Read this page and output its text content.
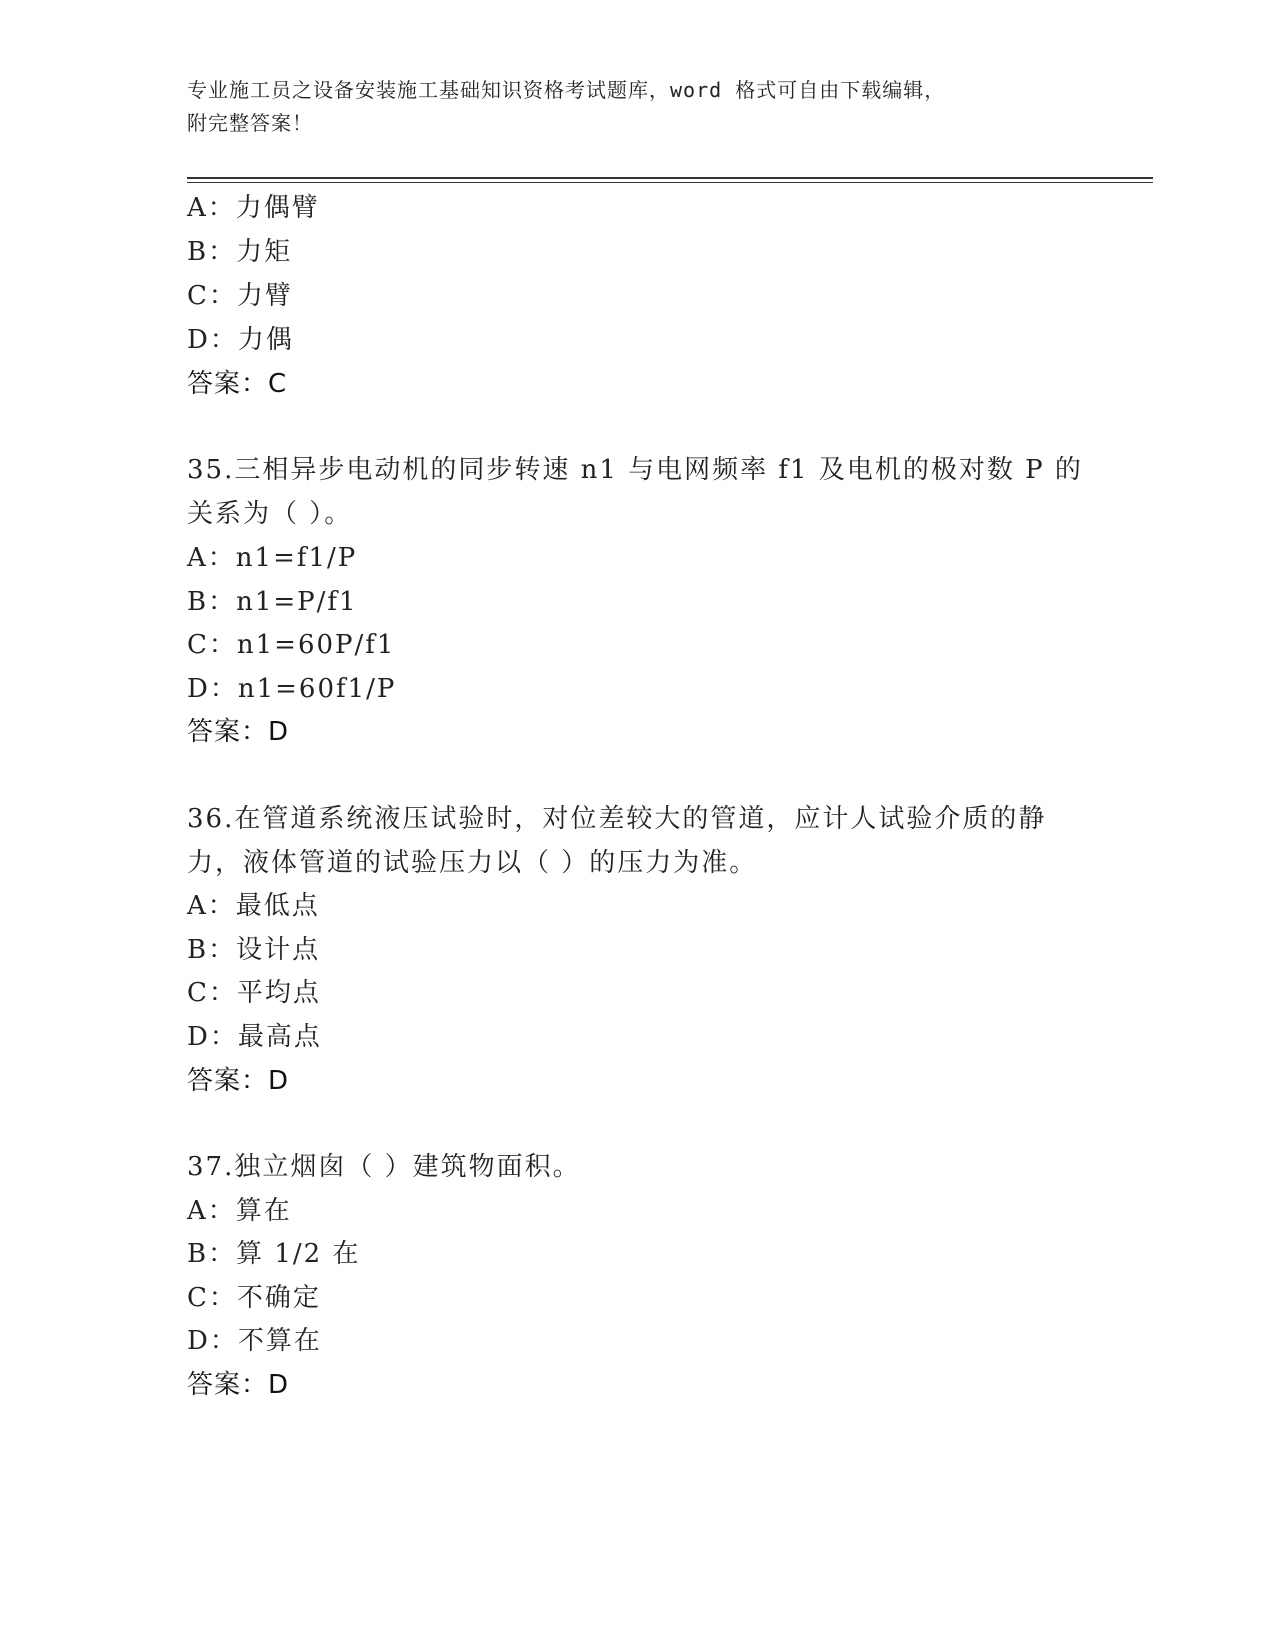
专业施工员之设备安装施工基础知识资格考试题库，word 格式可自由下载编辑，
附完整答案！
A：力偶臂
B：力矩
C：力臂
D：力偶
答案：C
35.三相异步电动机的同步转速 n1 与电网频率 f1 及电机的极对数 P 的
关系为（ ）。
A：n1=f1/P
B：n1=P/f1
C：n1=60P/f1
D：n1=60f1/P
答案：D
36.在管道系统液压试验时，对位差较大的管道，应计人试验介质的静
力，液体管道的试验压力以（ ）的压力为准。
A：最低点
B：设计点
C：平均点
D：最高点
答案：D
37.独立烟囱（ ）建筑物面积。
A：算在
B：算 1/2 在
C：不确定
D：不算在
答案：D
